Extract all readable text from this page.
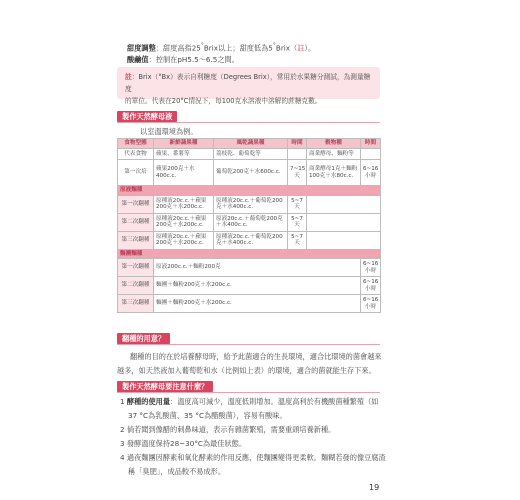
甜度調整：甜度高指25°Brix以上；甜度低為5°Brix（註）。
酸鹼值：控制在pH5.5～6.5之間。
註：Brix（°Bx）表示自利糖度（Degrees Brix），常用於水果糖分測試，為測量糖度
的單位。代表在20°C情況下，每100克水溶液中溶解的蔗糖克數。
製作天然酵母液
以室溫環境為例。
食物型態	新鮮蔬果種	風乾蔬果種	時間	穀物種	時間
代表食物	蘋果、番薯等	荔枝乾、葡萄乾等		商業酵母、麵粉等	
第一次培	蘋果200克＋水400c.c.	葡萄乾200克＋水600c.c.	7~15天	商業酵母1克＋麵粉100克＋水80c.c.	6~16小時
原液麵種					
第一次翻種	原種液20c.c.＋蘋果200克＋水200c.c.	原種液20c.c.＋葡萄乾200克＋水400c.c.	5~7天		
第二次翻種	原種液20c.c.＋蘋果200克＋水200c.c.	原液20c.c.＋葡萄乾200克＋水400c.c.	5~7天		
第三次翻種	原種液20c.c.＋蘋果200克＋水200c.c.	原種液20c.c.＋葡萄乾200克＋水400c.c.	5~7天		
麵團麵種					
第一次翻種	原液200c.c.＋麵粉200克				6~16小時
第二次翻種	麵團＋麵粉200克＋水200c.c.				6~16小時
第三次翻種	麵團＋麵粉200克＋水200c.c.				6~16小時
翻種的用意？
翻種的目的在於培養酵母時，給予此菌適合的生長環境，適合比環境的菌會越來
越多，如天然液加入葡萄乾和水（比例如上表）的環境，適合的菌就能生存下來。
製作天然酵母要注意什麼？
1 酵種的使用量：溫度高可減少，溫度低則增加。溫度高利於有機酸菌種繁殖（如
37 °C為乳酸菌、35 °C為醋酸菌），容易有酸味。
2 倘若聞到像醋的刺鼻味道，表示有雜菌繁殖，需要重頭培養新種。
3 發酵溫度保持28~30°C為最佳狀態。
4 過夜麵團因酵素和氧化酵素的作用反應，使麵團變得更柔軟。麵糊若發的像豆腐渣
稱「臭肥」，成品較不易成形。
19
